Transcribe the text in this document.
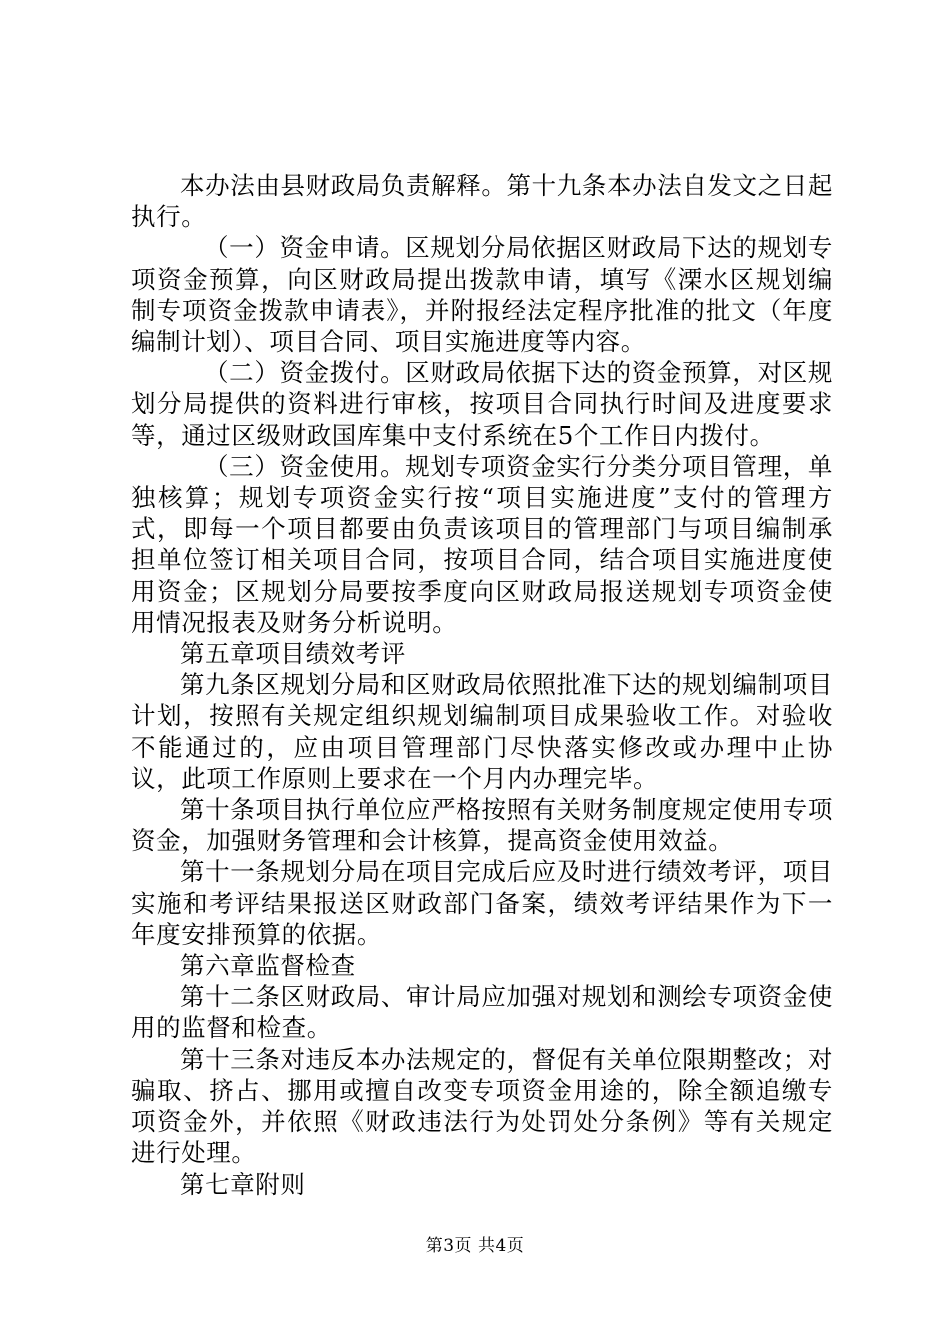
本办法由县财政局负责解释。第十九条本办法自发文之日起执行。

（一）资金申请。区规划分局依据区财政局下达的规划专项资金预算，向区财政局提出拨款申请，填写《溧水区规划编制专项资金拨款申请表》，并附报经法定程序批准的批文（年度编制计划）、项目合同、项目实施进度等内容。

（二）资金拨付。区财政局依据下达的资金预算，对区规划分局提供的资料进行审核，按项目合同执行时间及进度要求等，通过区级财政国库集中支付系统在5个工作日内拨付。

（三）资金使用。规划专项资金实行分类分项目管理，单独核算；规划专项资金实行按“项目实施进度”支付的管理方式，即每一个项目都要由负责该项目的管理部门与项目编制承担单位签订相关项目合同，按项目合同，结合项目实施进度使用资金；区规划分局要按季度向区财政局报送规划专项资金使用情况报表及财务分析说明。

第五章项目绩效考评

第九条区规划分局和区财政局依照批准下达的规划编制项目计划，按照有关规定组织规划编制项目成果验收工作。对验收不能通过的，应由项目管理部门尽快落实修改或办理中止协议，此项工作原则上要求在一个月内办理完毕。

第十条项目执行单位应严格按照有关财务制度规定使用专项资金，加强财务管理和会计核算，提高资金使用效益。

第十一条规划分局在项目完成后应及时进行绩效考评，项目实施和考评结果报送区财政部门备案，绩效考评结果作为下一年度安排预算的依据。

第六章监督检查

第十二条区财政局、审计局应加强对规划和测绘专项资金使用的监督和检查。

第十三条对违反本办法规定的，督促有关单位限期整改；对骗取、挤占、挪用或擅自改变专项资金用途的，除全额追缴专项资金外，并依照《财政违法行为处罚处分条例》等有关规定进行处理。

第七章附则

第3页 共4页
